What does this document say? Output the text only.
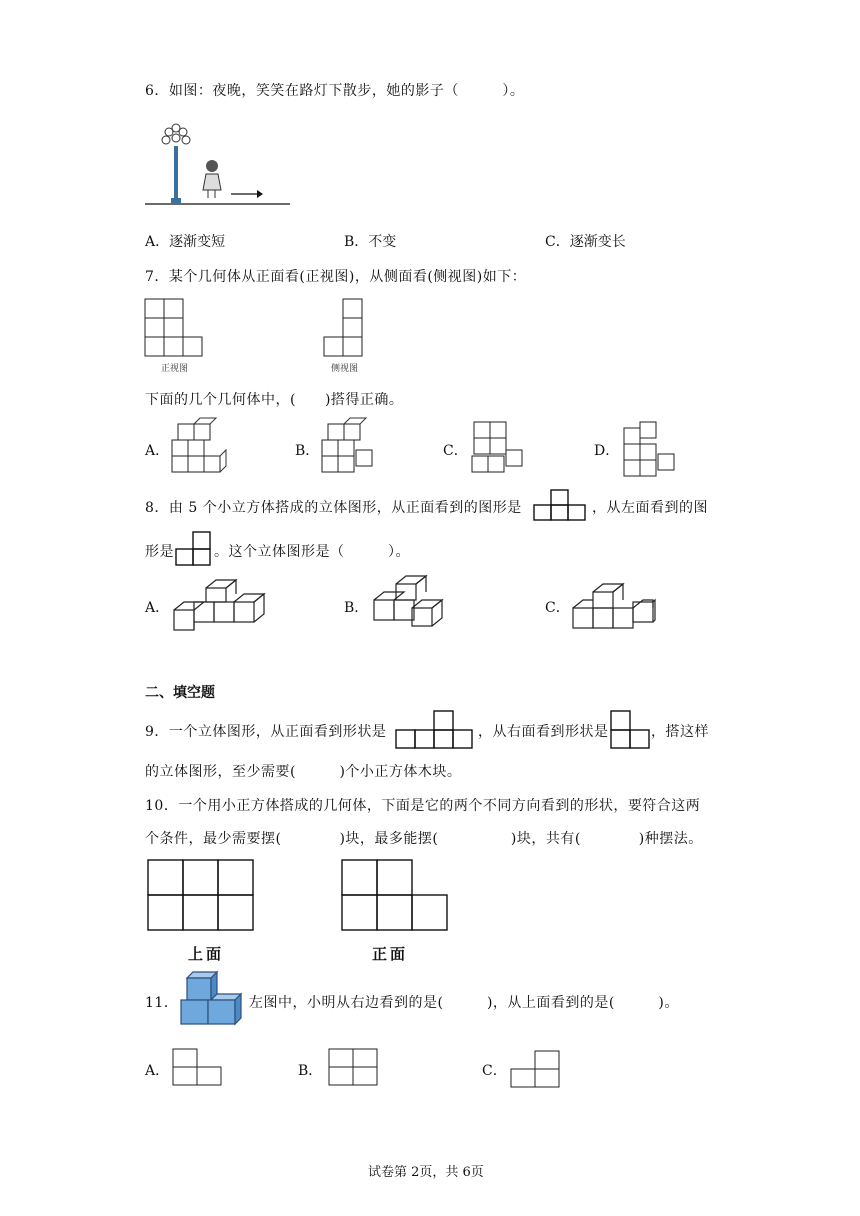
6．如图：夜晚，笑笑在路灯下散步，她的影子（　　　）。
A．逐渐变短	B．不变	C．逐渐变长
7．某个几何体从正面看(正视图)，从侧面看(侧视图)如下：
正视图	侧视图
下面的几个几何体中，(　　)搭得正确。
A．	B．	C．	D．
8．由 5 个小立方体搭成的立体图形，从正面看到的图形是	，从左面看到的图
形是	。这个立体图形是（　　　）。
A．	B．	C．
二、填空题
9．一个立体图形，从正面看到形状是	，从右面看到形状是	，搭这样
的立体图形，至少需要(　　　)个小正方体木块。
10．一个用小正方体搭成的几何体，下面是它的两个不同方向看到的形状，要符合这两
个条件，最少需要摆(　　　　)块，最多能摆(　　　　　)块，共有(　　　　)种摆法。
上面	正面
11．	左图中，小明从右边看到的是(　　　)，从上面看到的是(　　　)。
A．	B．	C．
试卷第 2页，共 6页
